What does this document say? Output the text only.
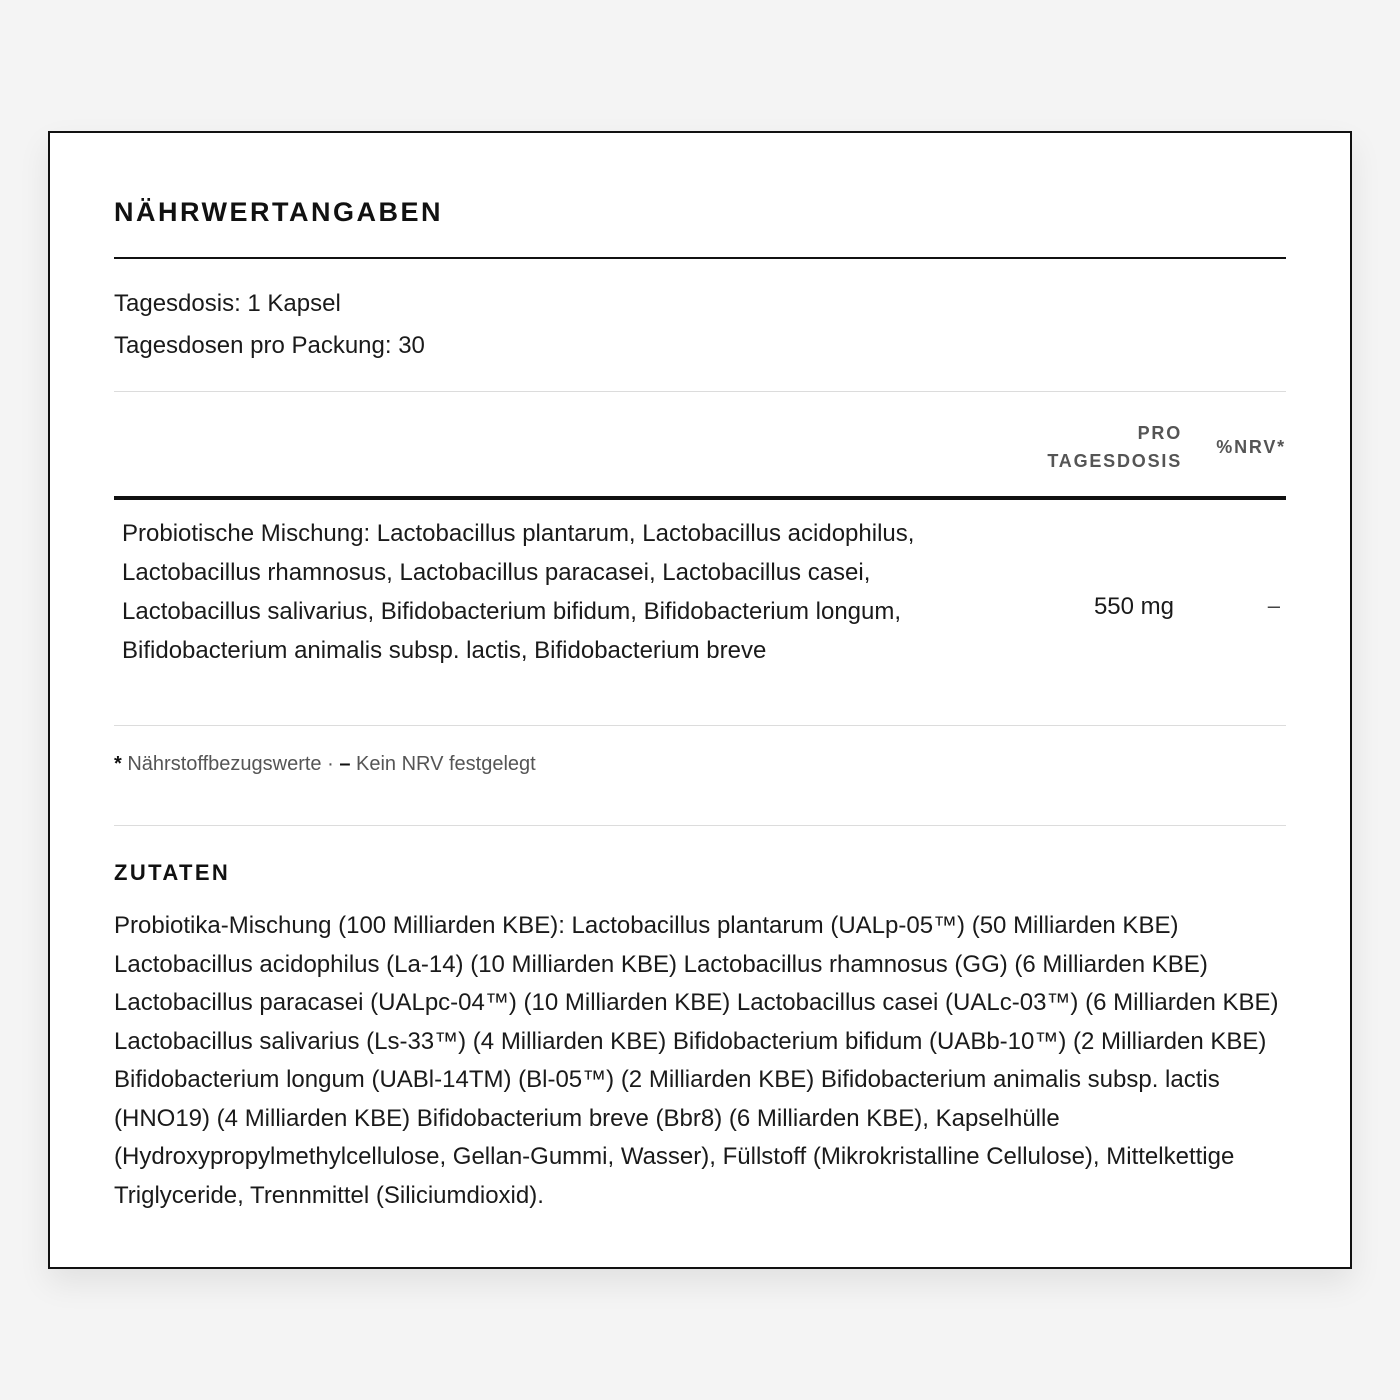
NÄHRWERTANGABEN
Tagesdosis: 1 Kapsel
Tagesdosen pro Packung: 30
PRO
TAGESDOSIS
%NRV*
Probiotische Mischung: Lactobacillus plantarum, Lactobacillus acidophilus, Lactobacillus rhamnosus, Lactobacillus paracasei, Lactobacillus casei, Lactobacillus salivarius, Bifidobacterium bifidum, Bifidobacterium longum, Bifidobacterium animalis subsp. lactis, Bifidobacterium breve
550 mg	–
* Nährstoffbezugswerte · – Kein NRV festgelegt
ZUTATEN
Probiotika-Mischung (100 Milliarden KBE): Lactobacillus plantarum (UALp-05™) (50 Milliarden KBE) Lactobacillus acidophilus (La-14) (10 Milliarden KBE) Lactobacillus rhamnosus (GG) (6 Milliarden KBE) Lactobacillus paracasei (UALpc-04™) (10 Milliarden KBE) Lactobacillus casei (UALc-03™) (6 Milliarden KBE) Lactobacillus salivarius (Ls-33™) (4 Milliarden KBE) Bifidobacterium bifidum (UABb-10™) (2 Milliarden KBE) Bifidobacterium longum (UABl-14TM) (Bl-05™) (2 Milliarden KBE) Bifidobacterium animalis subsp. lactis (HNO19) (4 Milliarden KBE) Bifidobacterium breve (Bbr8) (6 Milliarden KBE), Kapselhülle (Hydroxypropylmethylcellulose, Gellan-Gummi, Wasser), Füllstoff (Mikrokristalline Cellulose), Mittelkettige Triglyceride, Trennmittel (Siliciumdioxid).
